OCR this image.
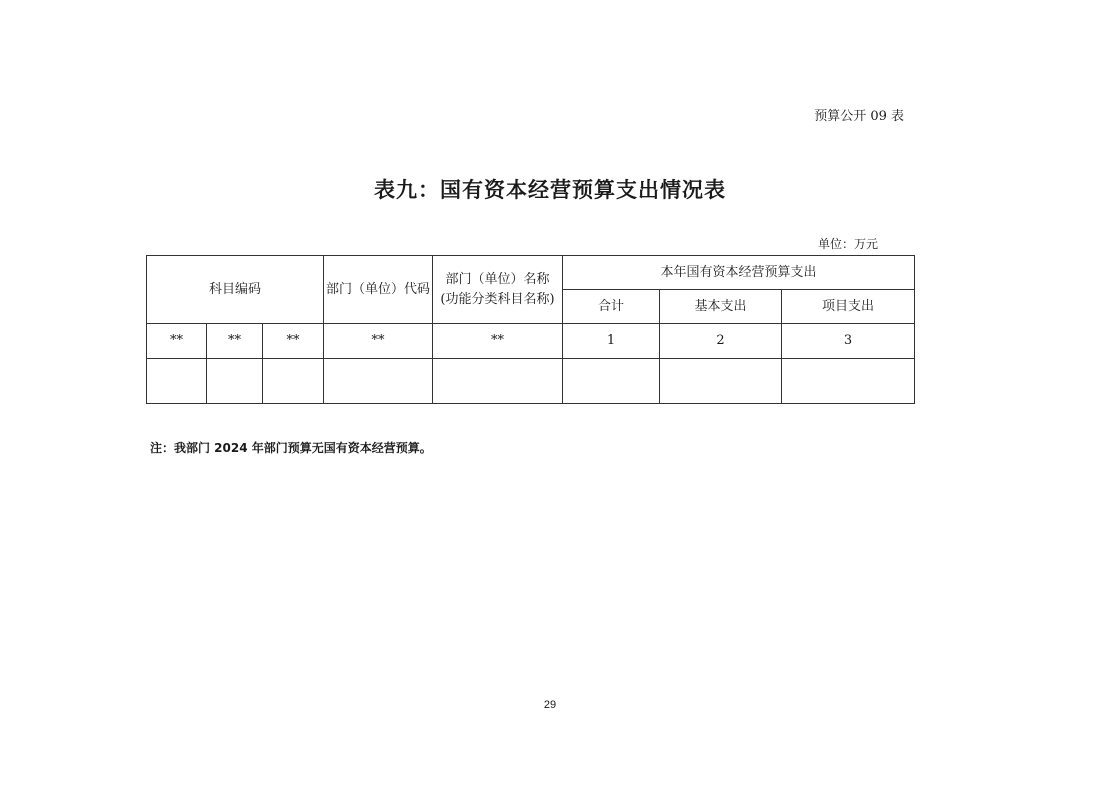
预算公开 09 表
表九：国有资本经营预算支出情况表
单位：万元
科目编码			部门（单位）代码	部门（单位）名称
(功能分类科目名称)	本年国有资本经营预算支出		
					合计	基本支出	项目支出
**	**	**	**	**	1	2	3

注：我部门 2024 年部门预算无国有资本经营预算。
29
